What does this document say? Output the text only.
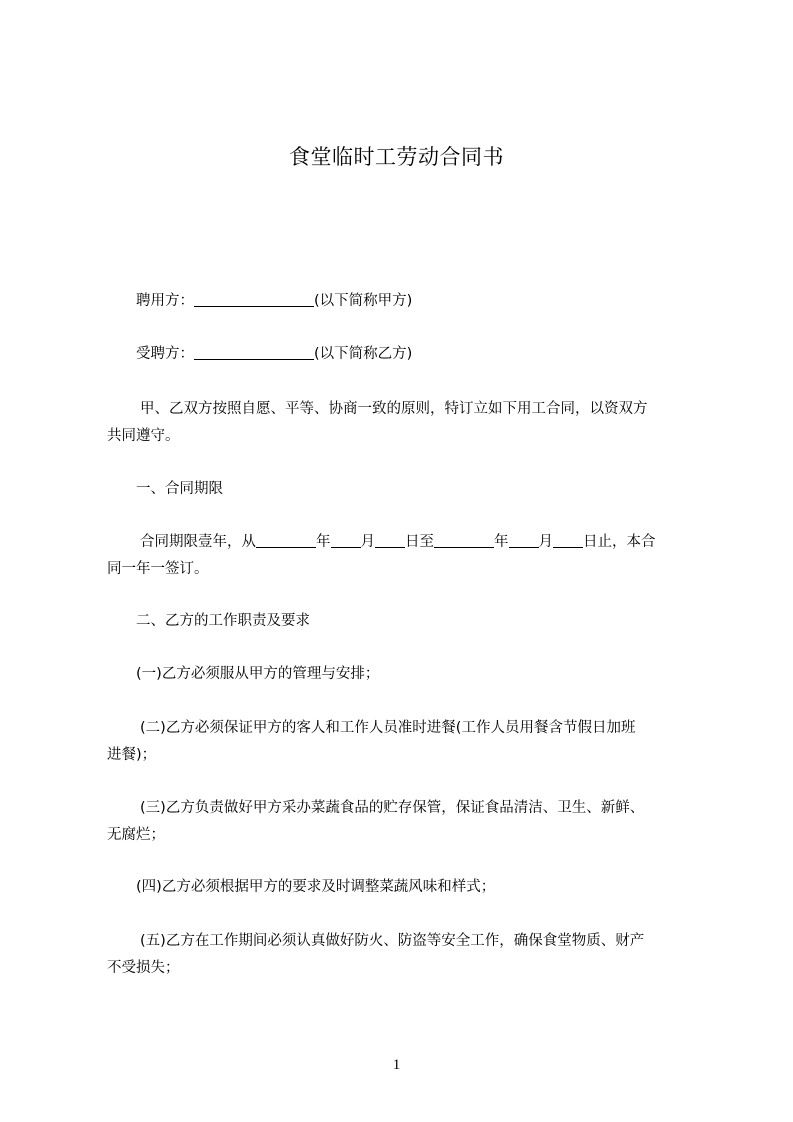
食堂临时工劳动合同书
聘用方：	(以下简称甲方)
受聘方：	(以下简称乙方)
甲、乙双方按照自愿、平等、协商一致的原则，特订立如下用工合同，以资双方
共同遵守。
一、合同期限
合同期限壹年，从	年 月 日至	年 月 日止，本合
同一年一签订。
二、乙方的工作职责及要求
(一)乙方必须服从甲方的管理与安排；
(二)乙方必须保证甲方的客人和工作人员准时进餐(工作人员用餐含节假日加班
进餐)；
(三)乙方负责做好甲方采办菜蔬食品的贮存保管，保证食品清洁、卫生、新鲜、
无腐烂；
(四)乙方必须根据甲方的要求及时调整菜蔬风味和样式；
(五)乙方在工作期间必须认真做好防火、防盗等安全工作，确保食堂物质、财产
不受损失；
1
